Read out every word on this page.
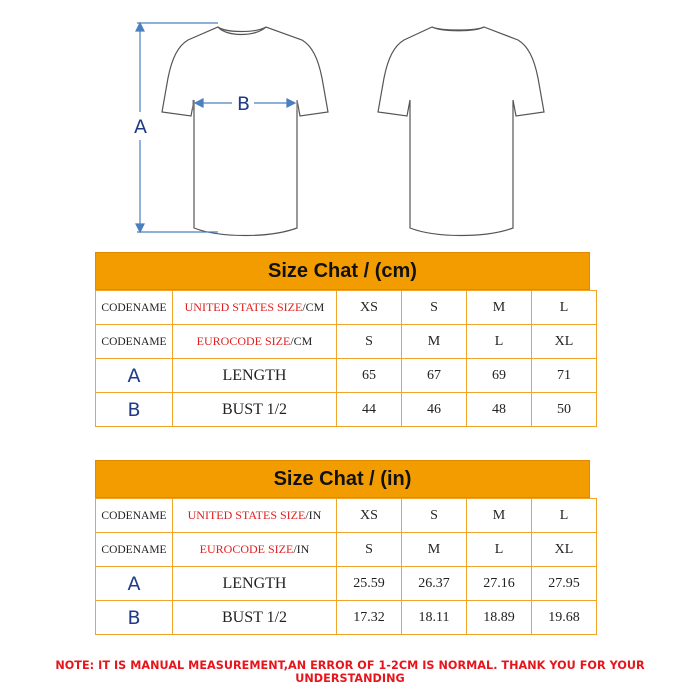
A
B
Size Chat / (cm)
CODENAME	UNITED STATES SIZE/CM	XS	S	M	L
CODENAME	EUROCODE SIZE/CM	S	M	L	XL
A	LENGTH	65	67	69	71
B	BUST 1/2	44	46	48	50
Size Chat / (in)
CODENAME	UNITED STATES SIZE/IN	XS	S	M	L
CODENAME	EUROCODE SIZE/IN	S	M	L	XL
A	LENGTH	25.59	26.37	27.16	27.95
B	BUST 1/2	17.32	18.11	18.89	19.68
NOTE: IT IS MANUAL MEASUREMENT,AN ERROR OF 1-2CM IS NORMAL. THANK YOU FOR YOUR UNDERSTANDING
